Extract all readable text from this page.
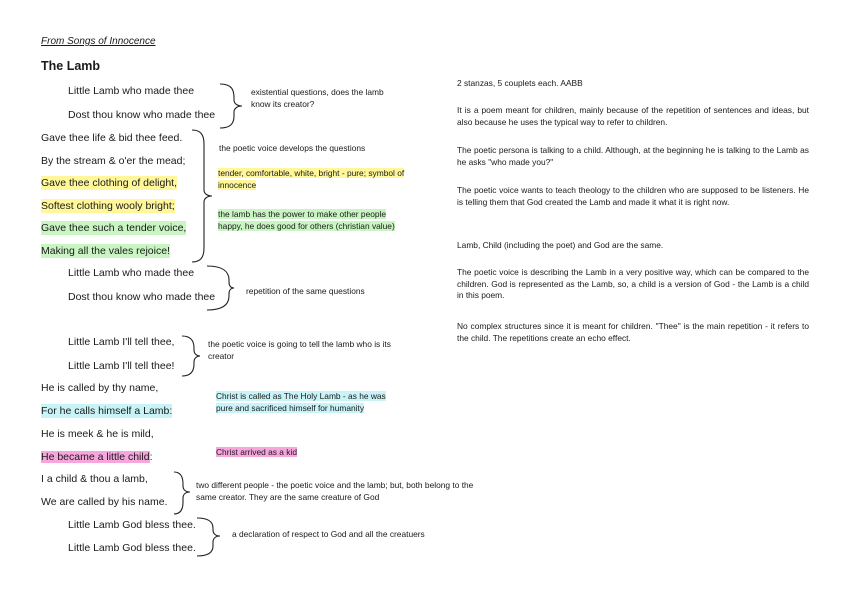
From Songs of Innocence
The Lamb
Little Lamb who made thee
Dost thou know who made thee
Gave thee life & bid thee feed.
By the stream & o'er the mead;
Gave thee clothing of delight,
Softest clothing wooly bright;
Gave thee such a tender voice,
Making all the vales rejoice!
Little Lamb who made thee
Dost thou know who made thee
Little Lamb I'll tell thee,
Little Lamb I'll tell thee!
He is called by thy name,
For he calls himself a Lamb:
He is meek & he is mild,
He became a little child:
I a child & thou a lamb,
We are called by his name.
Little Lamb God bless thee.
Little Lamb God bless thee.
existential questions, does the lamb know its creator?
the poetic voice develops the questions
tender, comfortable, white, bright - pure; symbol of innocence
the lamb has the power to make other people happy, he does good for others (christian value)
repetition of the same questions
the poetic voice is going to tell the lamb who is its creator
Christ is called as The Holy Lamb - as he was pure and sacrificed himself for humanity
Christ arrived as a kid
two different people - the poetic voice and the lamb; but, both belong to the same creator. They are the same creature of God
a declaration of respect to God and all the creatuers
2 stanzas, 5 couplets each. AABB
It is a poem meant for children, mainly because of the repetition of sentences and ideas, but also because he uses the typical way to refer to children.
The poetic persona is talking to a child. Although, at the beginning he is talking to the Lamb as he asks "who made you?"
The poetic voice wants to teach theology to the children who are supposed to be listeners. He is telling them that God created the Lamb and made it what it is right now.
Lamb, Child (including the poet) and God are the same.
The poetic voice is describing the Lamb in a very positive way, which can be compared to the children. God is represented as the Lamb, so, a child is a version of God - the Lamb is a child in this poem.
No complex structures since it is meant for children. "Thee" is the main repetition - it refers to the child. The repetitions create an echo effect.
